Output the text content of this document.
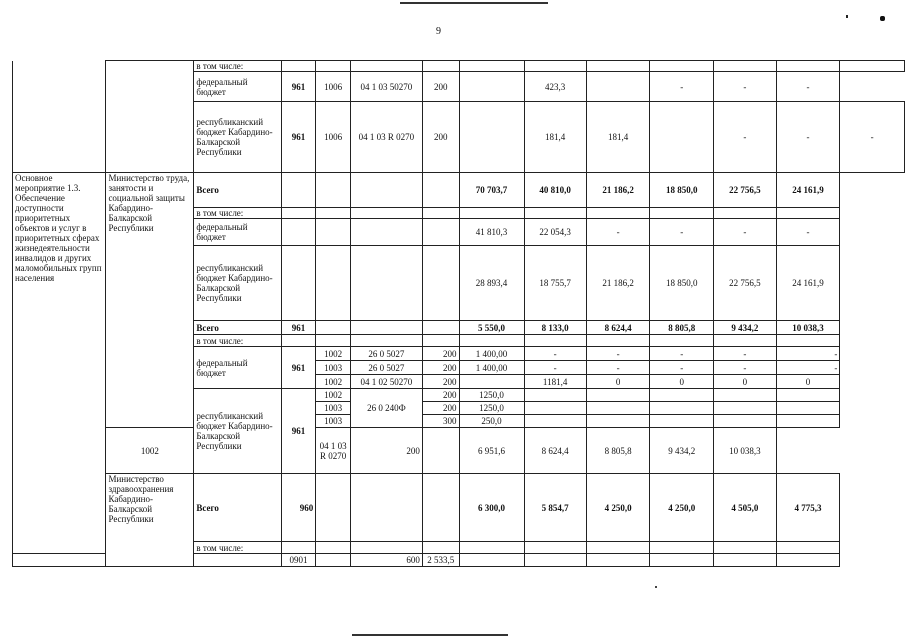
9
		в том числе:											
		федеральный бюджет	961	1006	04 1 03 50270	200		423,3		-	-	-	
		республиканский бюджет Кабардино-Балкарской Республики	961	1006	04 1 03 R 0270	200		181,4	181,4		-	-	-
Основное мероприятие 1.3. Обеспечение доступности приоритетных объектов и услуг в приоритетных сферах жизнедеятельности инвалидов и других маломобильных групп населения	Министерство труда, занятости и социальной защиты Кабардино-Балкарской Республики	Всего					70 703,7	40 810,0	21 186,2	18 850,0	22 756,5	24 161,9	
		в том числе:											
		федеральный бюджет					41 810,3	22 054,3	-	-	-	-	
		республиканский бюджет Кабардино-Балкарской Республики					28 893,4	18 755,7	21 186,2	18 850,0	22 756,5	24 161,9	
		Всего	961				5 550,0	8 133,0	8 624,4	8 805,8	9 434,2	10 038,3	
		в том числе:											
		федеральный бюджет	961	1002	26 0 5027	200	1 400,00	-	-	-	-	-	
				1003	26 0 5027	200	1 400,00	-	-	-	-	-	
				1002	04 1 02 50270	200		1181,4	0	0	0	0	
		республиканский бюджет Кабардино-Балкарской Республики	961	1002	26 0 240Ф	200	1250,0						
				1003		200	1250,0						
				1003		300	250,0						
	1002			04 1 03 R 0270	200		6 951,6	8 624,4	8 805,8	9 434,2	10 038,3		
	Министерство здравоохранения Кабардино-Балкарской Республики	Всего	960				6 300,0	5 854,7	4 250,0	4 250,0	4 505,0	4 775,3	
		в том числе:											
			0901		600	2 533,5							
